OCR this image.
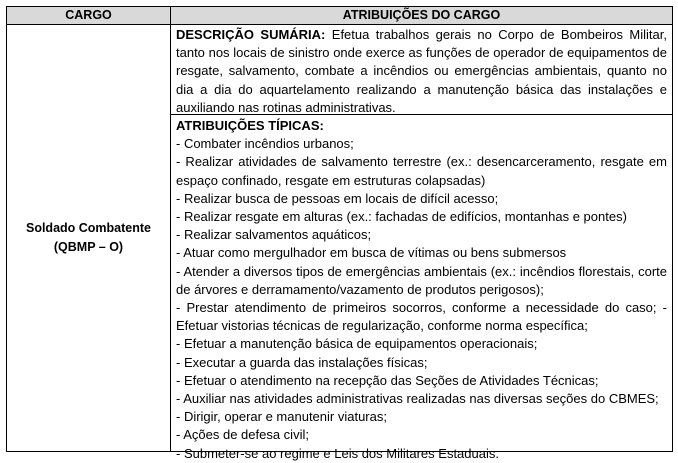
CARGO	ATRIBUIÇÕES DO CARGO
Soldado Combatente
(QBMP – O)
DESCRIÇÃO SUMÁRIA: Efetua trabalhos gerais no Corpo de Bombeiros Militar, tanto nos locais de sinistro onde exerce as funções de operador de equipamentos de resgate, salvamento, combate a incêndios ou emergências ambientais, quanto no dia a dia do aquartelamento realizando a manutenção básica das instalações e auxiliando nas rotinas administrativas.
ATRIBUIÇÕES TÍPICAS:
- Combater incêndios urbanos;
- Realizar atividades de salvamento terrestre (ex.: desencarceramento, resgate em espaço confinado, resgate em estruturas colapsadas)
- Realizar busca de pessoas em locais de difícil acesso;
- Realizar resgate em alturas (ex.: fachadas de edifícios, montanhas e pontes)
- Realizar salvamentos aquáticos;
- Atuar como mergulhador em busca de vítimas ou bens submersos
- Atender a diversos tipos de emergências ambientais (ex.: incêndios florestais, corte de árvores e derramamento/vazamento de produtos perigosos);
- Prestar atendimento de primeiros socorros, conforme a necessidade do caso; - Efetuar vistorias técnicas de regularização, conforme norma específica;
- Efetuar a manutenção básica de equipamentos operacionais;
- Executar a guarda das instalações físicas;
- Efetuar o atendimento na recepção das Seções de Atividades Técnicas;
- Auxiliar nas atividades administrativas realizadas nas diversas seções do CBMES;
- Dirigir, operar e manutenir viaturas;
- Ações de defesa civil;
- Submeter-se ao regime e Leis dos Militares Estaduais.
